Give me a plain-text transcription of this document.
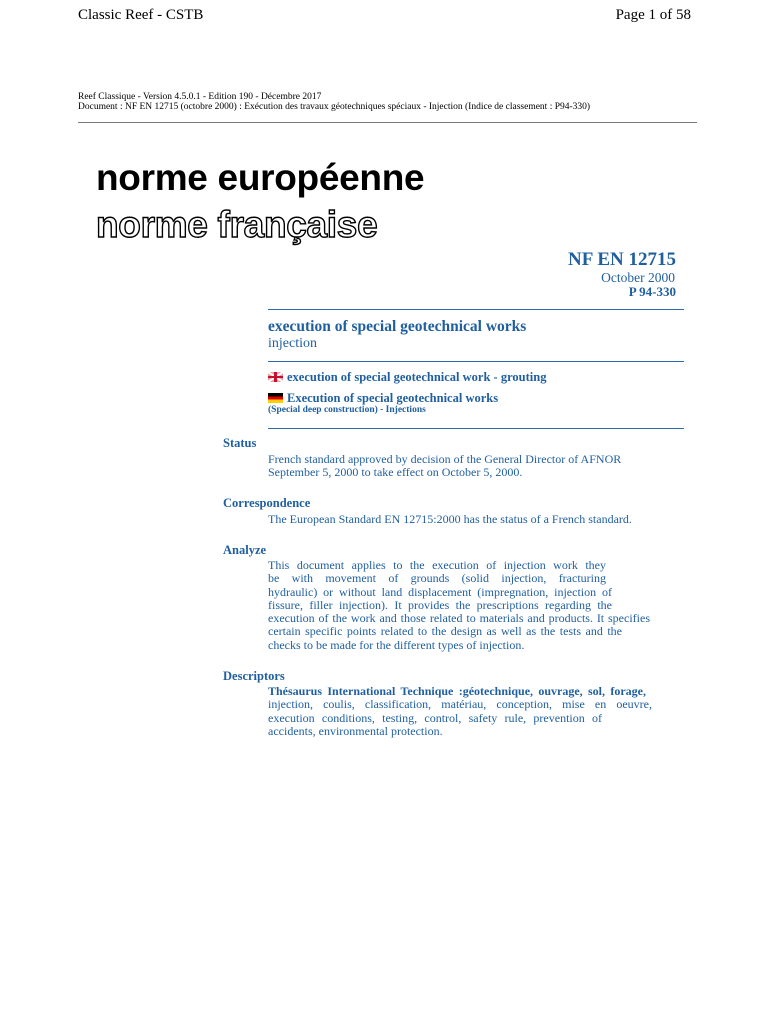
Classic Reef - CSTB	Page 1 of 58
Reef Classique - Version 4.5.0.1 - Edition 190 - Décembre 2017
Document : NF EN 12715 (octobre 2000) : Exécution des travaux géotechniques spéciaux - Injection (Indice de classement : P94-330)
norme européenne
norme française
NF EN 12715
October 2000
P 94-330
execution of special geotechnical works
injection
execution of special geotechnical work - grouting
Execution of special geotechnical works
(Special deep construction) - Injections
Status
French standard approved by decision of the General Director of AFNOR
September 5, 2000 to take effect on October 5, 2000.
Correspondence
The European Standard EN 12715:2000 has the status of a French standard.
Analyze
This document applies to the execution of injection work they
be with movement of grounds (solid injection, fracturing
hydraulic) or without land displacement (impregnation, injection of
fissure, filler injection). It provides the prescriptions regarding the
execution of the work and those related to materials and products. It specifies
certain specific points related to the design as well as the tests and the
checks to be made for the different types of injection.
Descriptors
Thésaurus International Technique :géotechnique, ouvrage, sol, forage,
injection, coulis, classification, matériau, conception, mise en oeuvre,
execution conditions, testing, control, safety rule, prevention of
accidents, environmental protection.
